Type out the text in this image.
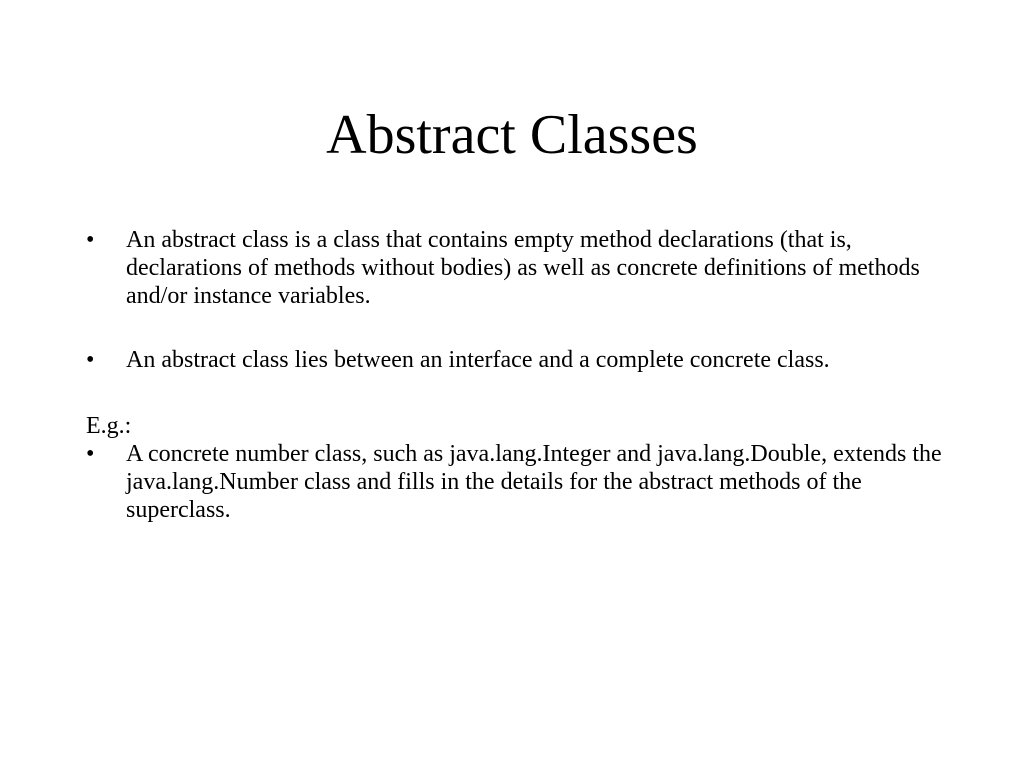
Abstract Classes
•	An abstract class is a class that contains empty method declarations (that is, declarations of methods without bodies) as well as concrete definitions of methods and/or instance variables.
•	An abstract class lies between an interface and a complete concrete class.

E.g.:

•	A concrete number class, such as java.lang.Integer and java.lang.Double, extends the java.lang.Number class and fills in the details for the abstract methods of the superclass.
